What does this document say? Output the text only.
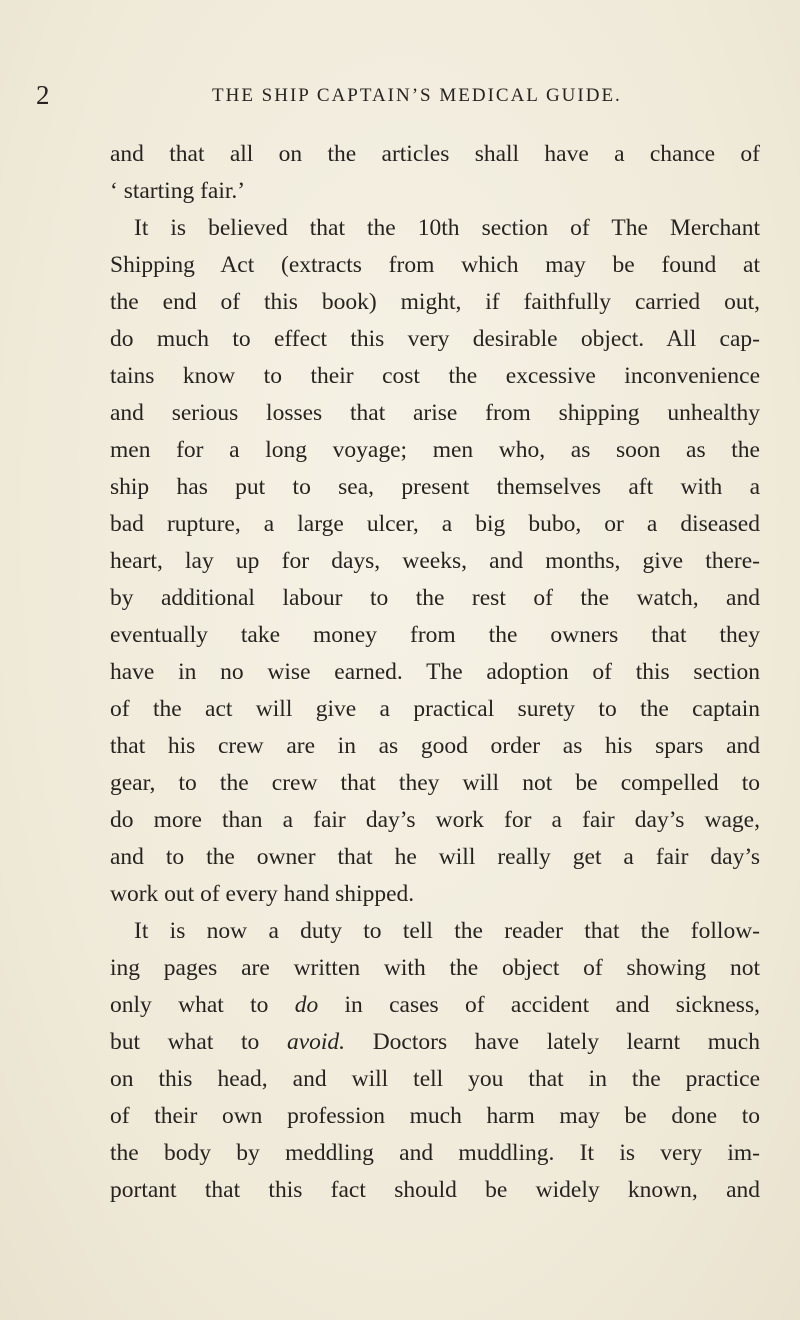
2	THE SHIP CAPTAIN’S MEDICAL GUIDE.
and that all on the articles shall have a chance of
‘ starting fair.’
It is believed that the 10th section of The Merchant
Shipping Act (extracts from which may be found at
the end of this book) might, if faithfully carried out,
do much to effect this very desirable object. All cap-
tains know to their cost the excessive inconvenience
and serious losses that arise from shipping unhealthy
men for a long voyage; men who, as soon as the
ship has put to sea, present themselves aft with a
bad rupture, a large ulcer, a big bubo, or a diseased
heart, lay up for days, weeks, and months, give there-
by additional labour to the rest of the watch, and
eventually take money from the owners that they
have in no wise earned. The adoption of this section
of the act will give a practical surety to the captain
that his crew are in as good order as his spars and
gear, to the crew that they will not be compelled to
do more than a fair day’s work for a fair day’s wage,
and to the owner that he will really get a fair day’s
work out of every hand shipped.
It is now a duty to tell the reader that the follow-
ing pages are written with the object of showing not
only what to do in cases of accident and sickness,
but what to avoid. Doctors have lately learnt much
on this head, and will tell you that in the practice
of their own profession much harm may be done to
the body by meddling and muddling. It is very im-
portant that this fact should be widely known, and
